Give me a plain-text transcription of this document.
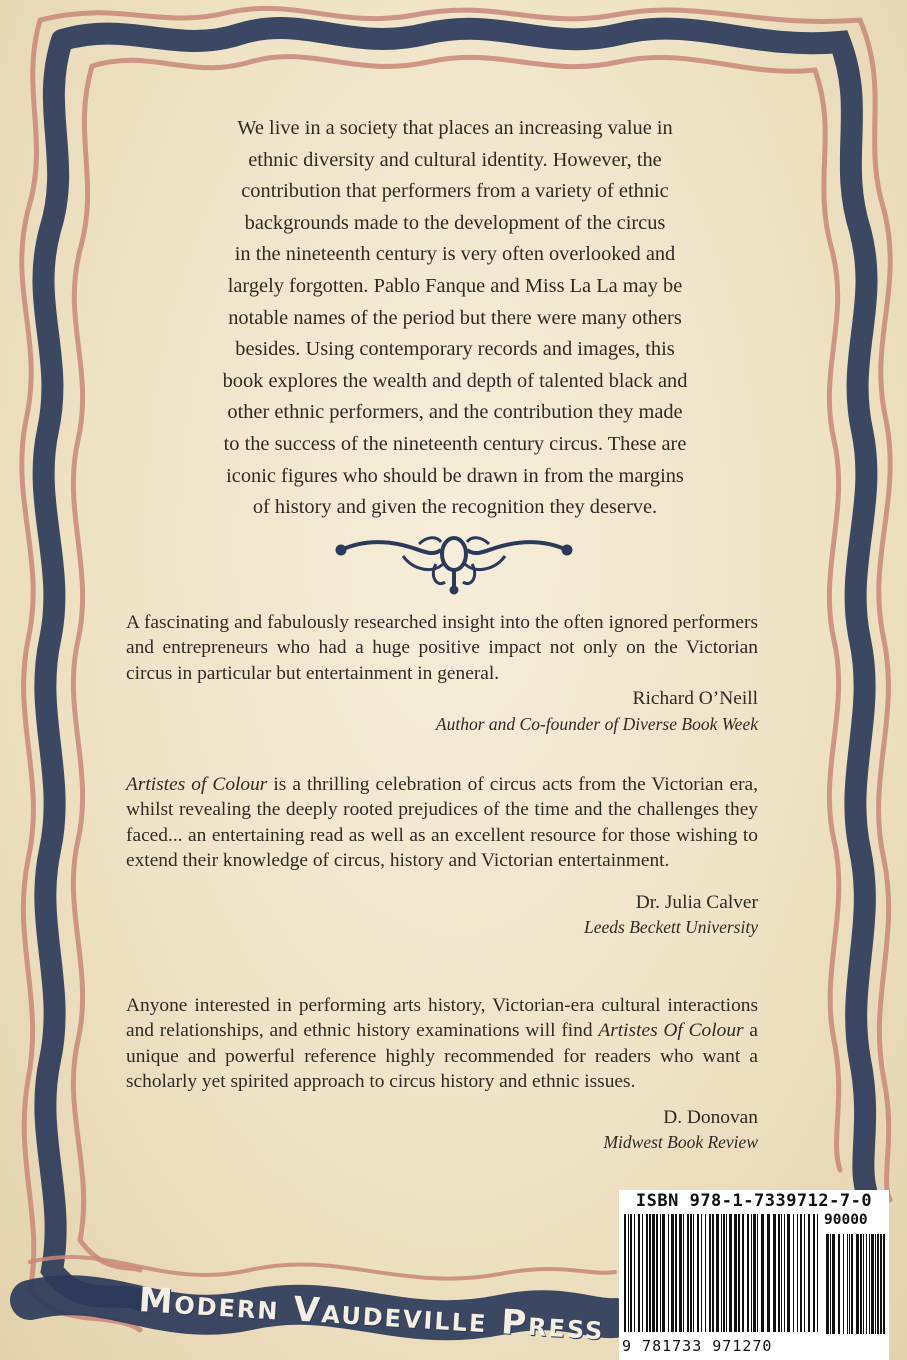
We live in a society that places an increasing value in

ethnic diversity and cultural identity. However, the

contribution that performers from a variety of ethnic

backgrounds made to the development of the circus

in the nineteenth century is very often overlooked and

largely forgotten. Pablo Fanque and Miss La La may be

notable names of the period but there were many others

besides. Using contemporary records and images, this

book explores the wealth and depth of talented black and

other ethnic performers, and the contribution they made

to the success of the nineteenth century circus. These are

iconic figures who should be drawn in from the margins

of history and given the recognition they deserve.

A fascinating and fabulously researched insight into the often ignored performers and entrepreneurs who had a huge positive impact not only on the Victorian circus in particular but entertainment in general.

Richard O’Neill

Author and Co-founder of Diverse Book Week

Artistes of Colour is a thrilling celebration of circus acts from the Victorian era, whilst revealing the deeply rooted prejudices of the time and the challenges they faced... an entertaining read as well as an excellent resource for those wishing to extend their knowledge of circus, history and Victorian entertainment.

Dr. Julia Calver

Leeds Beckett University

Anyone interested in performing arts history, Victorian-era cultural interactions and relationships, and ethnic history examinations will find Artistes Of Colour a unique and powerful reference highly recommended for readers who want a scholarly yet spirited approach to circus history and ethnic issues.

D. Donovan

Midwest Book Review

Modern Vaudeville Press
ISBN 978-1-7339712-7-0
90000
9 781733 971270
